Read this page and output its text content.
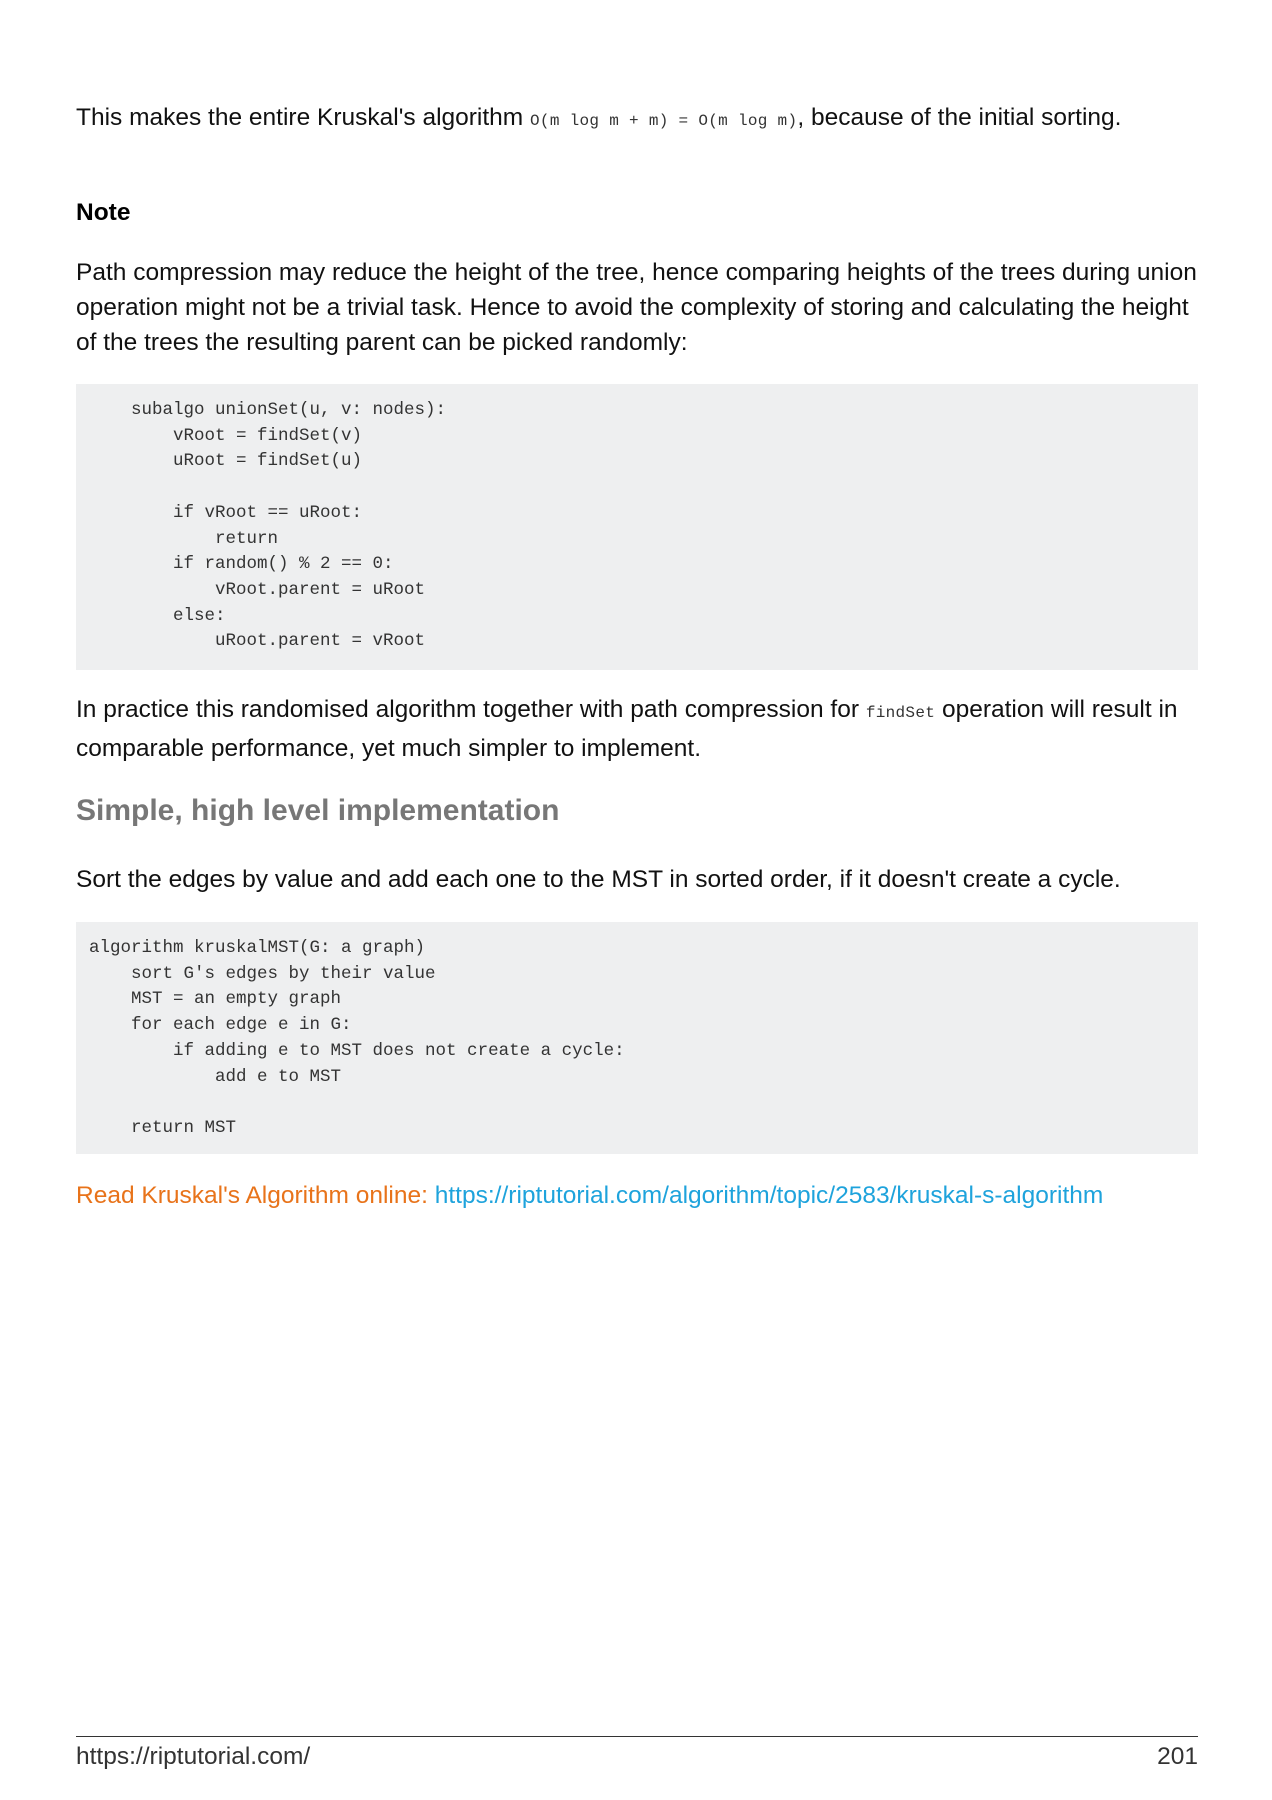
This makes the entire Kruskal's algorithm O(m log m + m) = O(m log m), because of the initial sorting.

Note

Path compression may reduce the height of the tree, hence comparing heights of the trees during union operation might not be a trivial task. Hence to avoid the complexity of storing and calculating the height of the trees the resulting parent can be picked randomly:

subalgo unionSet(u, v: nodes):
vRoot = findSet(v)
uRoot = findSet(u)

if vRoot == uRoot:
return
if random() % 2 == 0:
vRoot.parent = uRoot
else:
uRoot.parent = vRoot

In practice this randomised algorithm together with path compression for findSet operation will result in comparable performance, yet much simpler to implement.

Simple, high level implementation

Sort the edges by value and add each one to the MST in sorted order, if it doesn't create a cycle.

algorithm kruskalMST(G: a graph)
sort G's edges by their value
MST = an empty graph
for each edge e in G:
if adding e to MST does not create a cycle:
add e to MST

return MST

Read Kruskal's Algorithm online: https://riptutorial.com/algorithm/topic/2583/kruskal-s-algorithm

https://riptutorial.com/	201
